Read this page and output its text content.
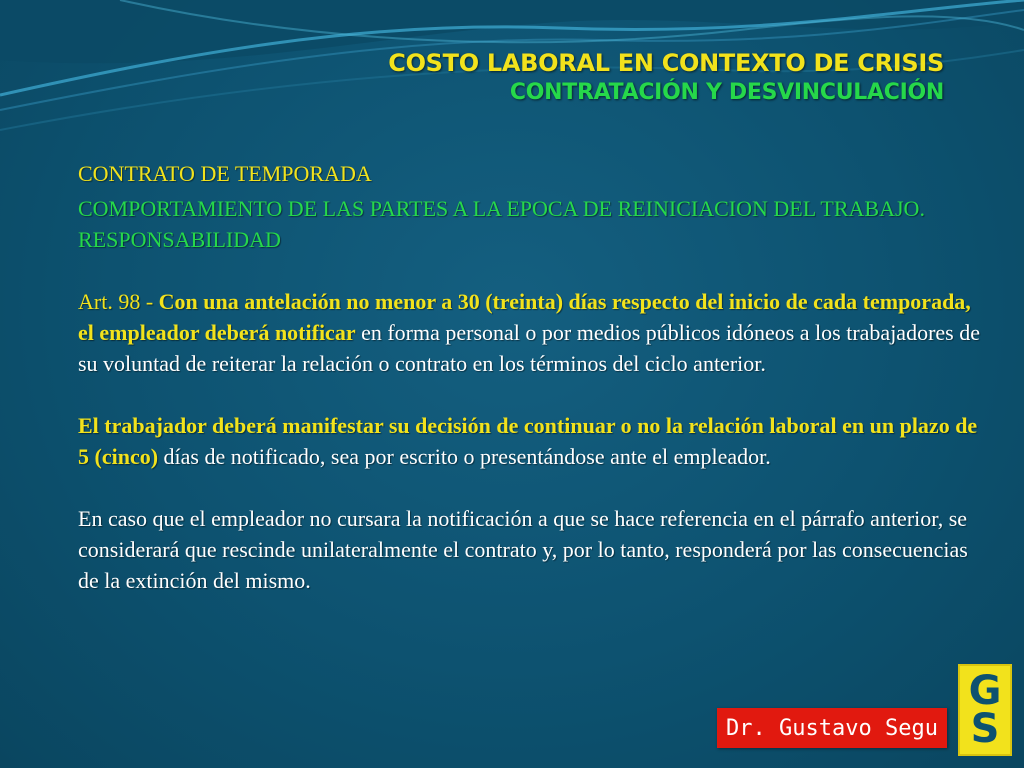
COSTO LABORAL EN CONTEXTO DE CRISIS
CONTRATACIÓN Y DESVINCULACIÓN

CONTRATO DE TEMPORADA

COMPORTAMIENTO DE LAS PARTES A LA EPOCA DE REINICIACION DEL TRABAJO. RESPONSABILIDAD

Art. 98 - Con una antelación no menor a 30 (treinta) días respecto del inicio de cada temporada, el empleador deberá notificar en forma personal o por medios públicos idóneos a los trabajadores de su voluntad de reiterar la relación o contrato en los términos del ciclo anterior.

El trabajador deberá manifestar su decisión de continuar o no la relación laboral en un plazo de 5 (cinco) días de notificado, sea por escrito o presentándose ante el empleador.

En caso que el empleador no cursara la notificación a que se hace referencia en el párrafo anterior, se considerará que rescinde unilateralmente el contrato y, por lo tanto, responderá por las consecuencias de la extinción del mismo.

Dr. Gustavo Segu
G
S
